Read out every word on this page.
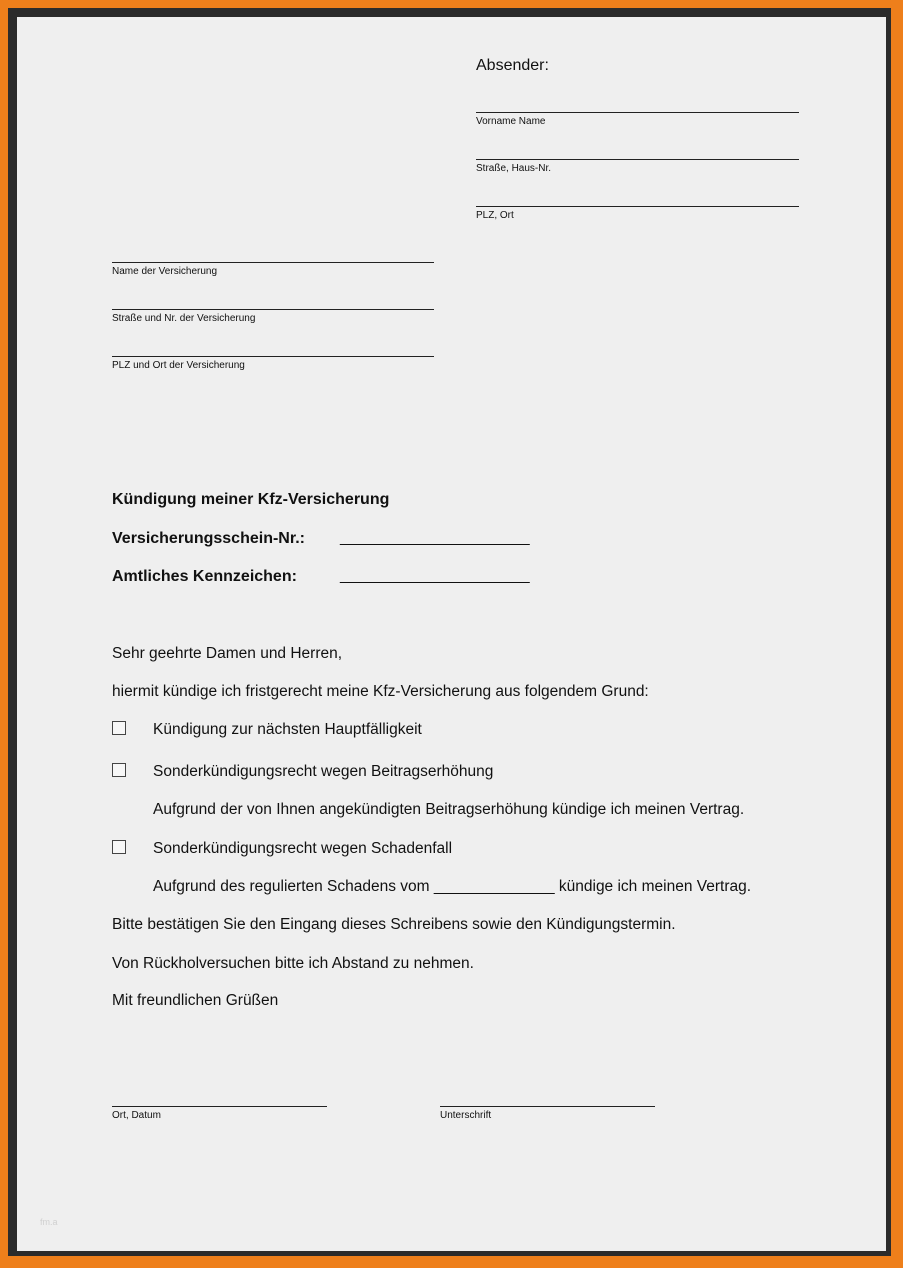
Absender:
Vorname Name
Straße, Haus-Nr.
PLZ, Ort
Name der Versicherung
Straße und Nr. der Versicherung
PLZ und Ort der Versicherung
Kündigung meiner Kfz-Versicherung
Versicherungsschein-Nr.: ______________________
Amtliches Kennzeichen:	______________________
Sehr geehrte Damen und Herren,
hiermit kündige ich fristgerecht meine Kfz-Versicherung aus folgendem Grund:
Kündigung zur nächsten Hauptfälligkeit
Sonderkündigungsrecht wegen Beitragserhöhung
Aufgrund der von Ihnen angekündigten Beitragserhöhung kündige ich meinen Vertrag.
Sonderkündigungsrecht wegen Schadenfall
Aufgrund des regulierten Schadens vom ______________ kündige ich meinen Vertrag.
Bitte bestätigen Sie den Eingang dieses Schreibens sowie den Kündigungstermin.
Von Rückholversuchen bitte ich Abstand zu nehmen.
Mit freundlichen Grüßen
Ort, Datum	Unterschrift
fm.a
